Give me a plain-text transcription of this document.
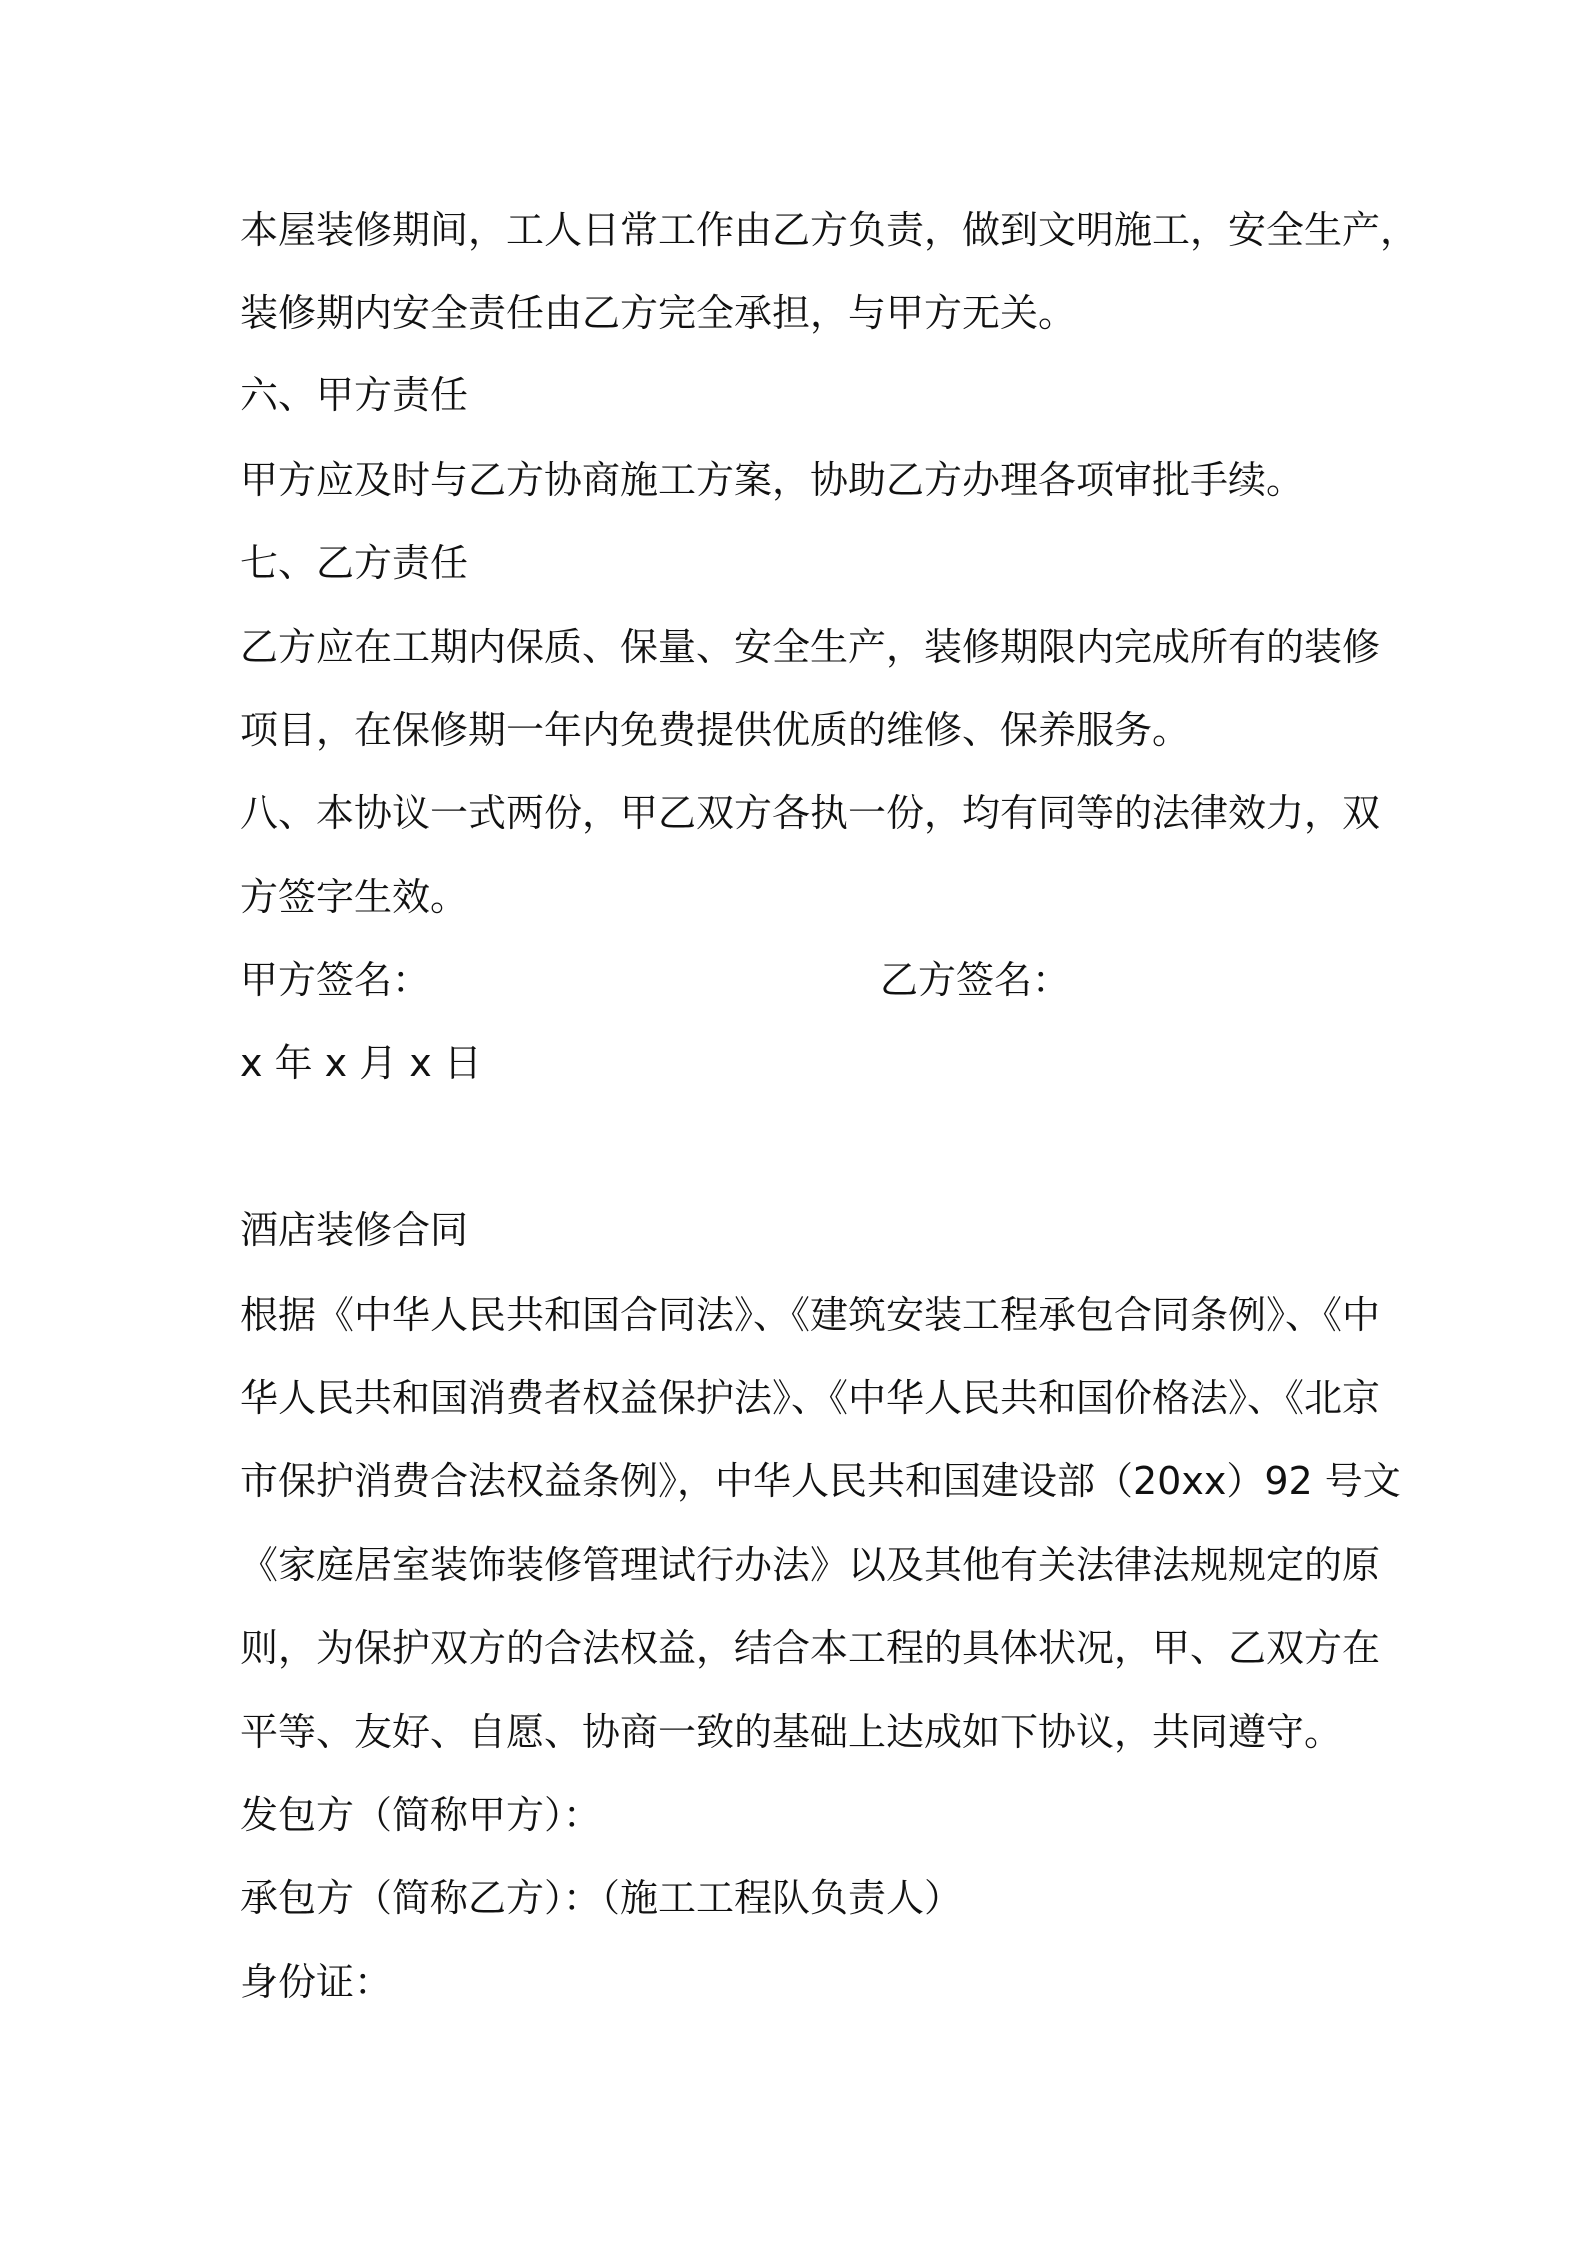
本屋装修期间，工人日常工作由乙方负责，做到文明施工，安全生产，

装修期内安全责任由乙方完全承担，与甲方无关。

六、甲方责任

甲方应及时与乙方协商施工方案，协助乙方办理各项审批手续。

七、乙方责任

乙方应在工期内保质、保量、安全生产，装修期限内完成所有的装修

项目，在保修期一年内免费提供优质的维修、保养服务。

八、本协议一式两份，甲乙双方各执一份，均有同等的法律效力，双

方签字生效。

甲方签名：	乙方签名：

x 年 x 月 x 日

酒店装修合同

根据《中华人民共和国合同法》、《建筑安装工程承包合同条例》、《中

华人民共和国消费者权益保护法》、《中华人民共和国价格法》、《北京

市保护消费合法权益条例》，中华人民共和国建设部（20xx）92 号文

《家庭居室装饰装修管理试行办法》以及其他有关法律法规规定的原

则，为保护双方的合法权益，结合本工程的具体状况，甲、乙双方在

平等、友好、自愿、协商一致的基础上达成如下协议，共同遵守。

发包方（简称甲方）：

承包方（简称乙方）：（施工工程队负责人）

身份证：
